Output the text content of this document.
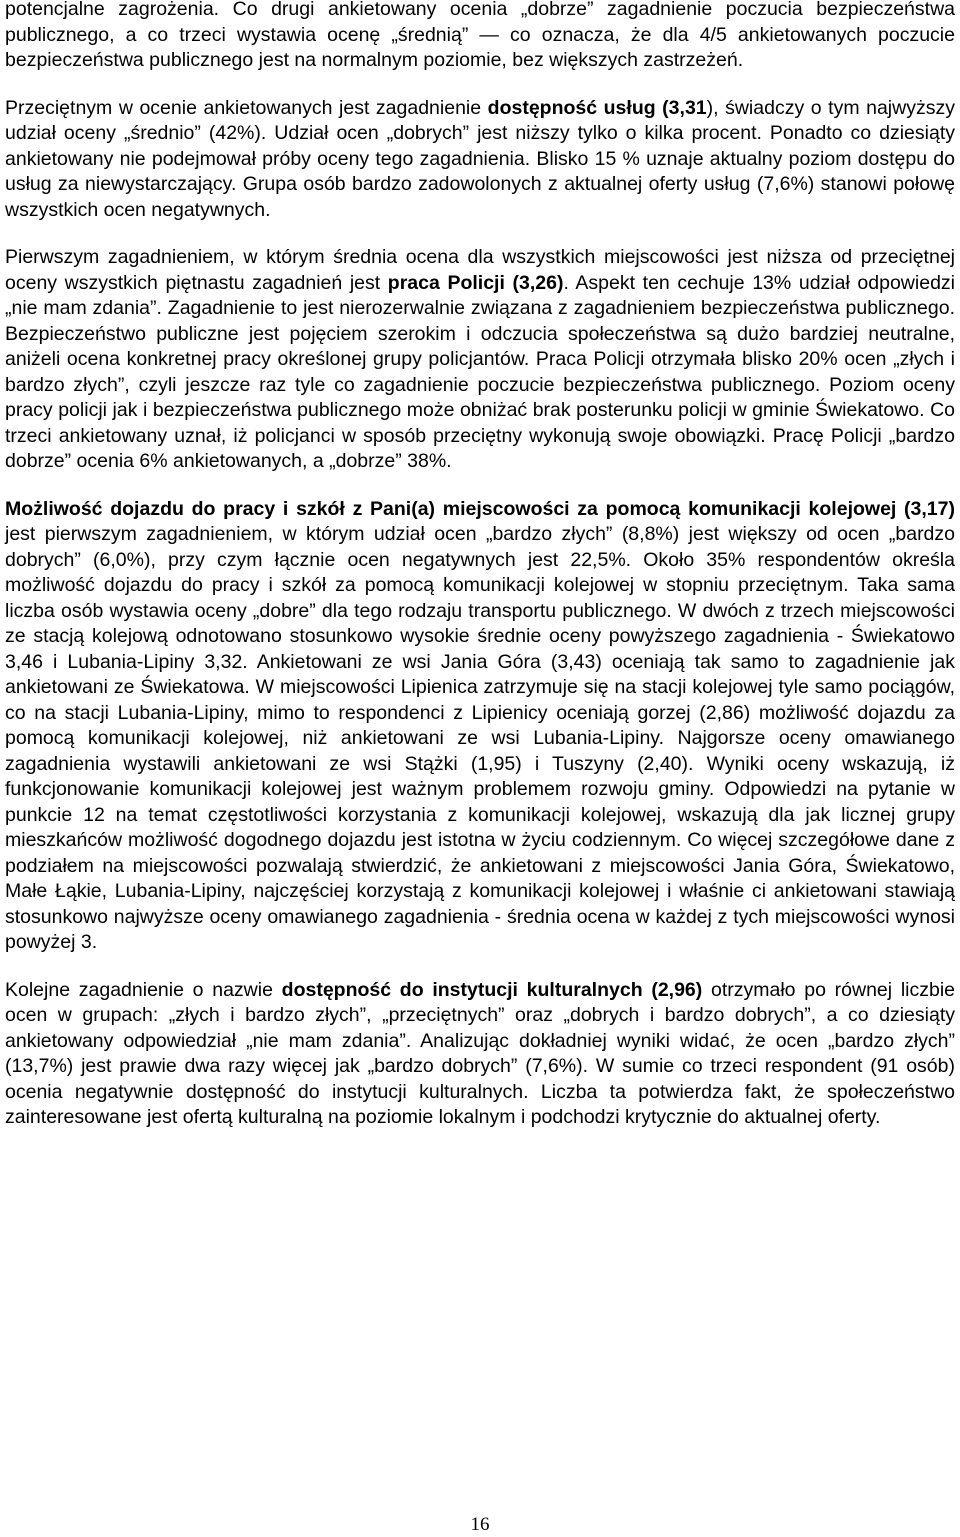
potencjalne zagrożenia. Co drugi ankietowany ocenia „dobrze” zagadnienie poczucia bezpieczeństwa publicznego, a co trzeci wystawia ocenę „średnią” — co oznacza, że dla 4/5 ankietowanych poczucie bezpieczeństwa publicznego jest na normalnym poziomie, bez większych zastrzeżeń.

Przeciętnym w ocenie ankietowanych jest zagadnienie dostępność usług (3,31), świadczy o tym najwyższy udział oceny „średnio” (42%). Udział ocen „dobrych” jest niższy tylko o kilka procent. Ponadto co dziesiąty ankietowany nie podejmował próby oceny tego zagadnienia. Blisko 15 % uznaje aktualny poziom dostępu do usług za niewystarczający. Grupa osób bardzo zadowolonych z aktualnej oferty usług (7,6%) stanowi połowę wszystkich ocen negatywnych.

Pierwszym zagadnieniem, w którym średnia ocena dla wszystkich miejscowości jest niższa od przeciętnej oceny wszystkich piętnastu zagadnień jest praca Policji (3,26). Aspekt ten cechuje 13% udział odpowiedzi „nie mam zdania”. Zagadnienie to jest nierozerwalnie związana z zagadnieniem bezpieczeństwa publicznego. Bezpieczeństwo publiczne jest pojęciem szerokim i odczucia społeczeństwa są dużo bardziej neutralne, aniżeli ocena konkretnej pracy określonej grupy policjantów. Praca Policji otrzymała blisko 20% ocen „złych i bardzo złych”, czyli jeszcze raz tyle co zagadnienie poczucie bezpieczeństwa publicznego. Poziom oceny pracy policji jak i bezpieczeństwa publicznego może obniżać brak posterunku policji w gminie Świekatowo. Co trzeci ankietowany uznał, iż policjanci w sposób przeciętny wykonują swoje obowiązki. Pracę Policji „bardzo dobrze” ocenia 6% ankietowanych, a „dobrze” 38%.

Możliwość dojazdu do pracy i szkół z Pani(a) miejscowości za pomocą komunikacji kolejowej (3,17) jest pierwszym zagadnieniem, w którym udział ocen „bardzo złych” (8,8%) jest większy od ocen „bardzo dobrych” (6,0%), przy czym łącznie ocen negatywnych jest 22,5%. Około 35% respondentów określa możliwość dojazdu do pracy i szkół za pomocą komunikacji kolejowej w stopniu przeciętnym. Taka sama liczba osób wystawia oceny „dobre” dla tego rodzaju transportu publicznego. W dwóch z trzech miejscowości ze stacją kolejową odnotowano stosunkowo wysokie średnie oceny powyższego zagadnienia - Świekatowo 3,46 i Lubania-Lipiny 3,32. Ankietowani ze wsi Jania Góra (3,43) oceniają tak samo to zagadnienie jak ankietowani ze Świekatowa. W miejscowości Lipienica zatrzymuje się na stacji kolejowej tyle samo pociągów, co na stacji Lubania-Lipiny, mimo to respondenci z Lipienicy oceniają gorzej (2,86) możliwość dojazdu za pomocą komunikacji kolejowej, niż ankietowani ze wsi Lubania-Lipiny. Najgorsze oceny omawianego zagadnienia wystawili ankietowani ze wsi Stążki (1,95) i Tuszyny (2,40). Wyniki oceny wskazują, iż funkcjonowanie komunikacji kolejowej jest ważnym problemem rozwoju gminy. Odpowiedzi na pytanie w punkcie 12 na temat częstotliwości korzystania z komunikacji kolejowej, wskazują dla jak licznej grupy mieszkańców możliwość dogodnego dojazdu jest istotna w życiu codziennym. Co więcej szczegółowe dane z podziałem na miejscowości pozwalają stwierdzić, że ankietowani z miejscowości Jania Góra, Świekatowo, Małe Łąkie, Lubania-Lipiny, najczęściej korzystają z komunikacji kolejowej i właśnie ci ankietowani stawiają stosunkowo najwyższe oceny omawianego zagadnienia - średnia ocena w każdej z tych miejscowości wynosi powyżej 3.

Kolejne zagadnienie o nazwie dostępność do instytucji kulturalnych (2,96) otrzymało po równej liczbie ocen w grupach: „złych i bardzo złych”, „przeciętnych” oraz „dobrych i bardzo dobrych”, a co dziesiąty ankietowany odpowiedział „nie mam zdania”. Analizując dokładniej wyniki widać, że ocen „bardzo złych” (13,7%) jest prawie dwa razy więcej jak „bardzo dobrych” (7,6%). W sumie co trzeci respondent (91 osób) ocenia negatywnie dostępność do instytucji kulturalnych. Liczba ta potwierdza fakt, że społeczeństwo zainteresowane jest ofertą kulturalną na poziomie lokalnym i podchodzi krytycznie do aktualnej oferty.

16
